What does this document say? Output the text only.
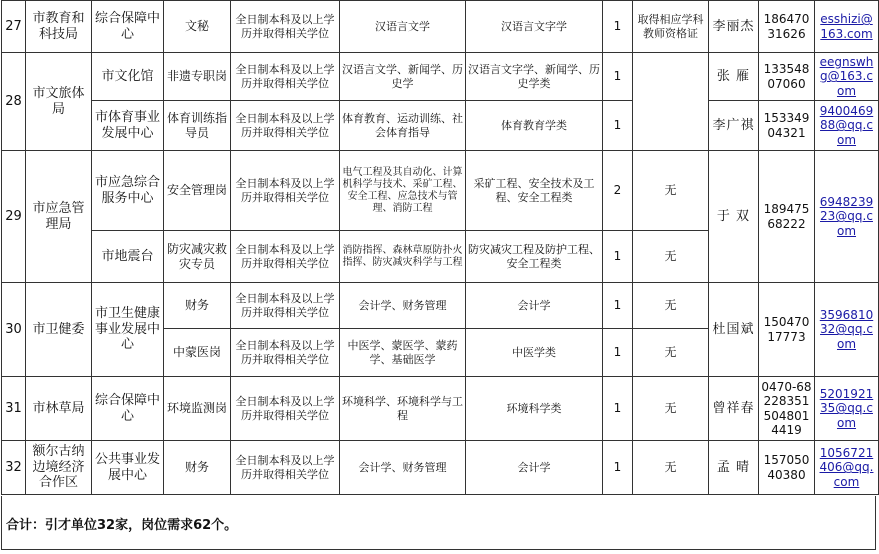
27	市教育和科技局	综合保障中心	文秘	全日制本科及以上学历并取得相关学位	汉语言文学	汉语言文字学	1	取得相应学科教师资格证	李丽杰	18647031626	esshizi@163.com
28	市文旅体局	市文化馆	非遗专职岗	全日制本科及以上学历并取得相关学位	汉语言文学、新闻学、历史学	汉语言文字学、新闻学、历史学类	1		张 雁	13354807060	eegnswhg@163.com
		市体育事业发展中心	体育训练指导员	全日制本科及以上学历并取得相关学位	体育教育、运动训练、社会体育指导	体育教育学类	1		李广祺	15334904321	940046988@qq.com
29	市应急管理局	市应急综合服务中心	安全管理岗	全日制本科及以上学历并取得相关学位	电气工程及其自动化、计算机科学与技术、采矿工程、安全工程、应急技术与管理、消防工程	采矿工程、安全技术及工程、安全工程类	2	无	于 双	18947568222	694823923@qq.com
		市地震台	防灾减灾救灾专员	全日制本科及以上学历并取得相关学位	消防指挥、森林草原防扑火指挥、防灾减灾科学与工程	防灾减灾工程及防护工程、安全工程类	1	无			
30	市卫健委	市卫生健康事业发展中心	财务	全日制本科及以上学历并取得相关学位	会计学、财务管理	会计学	1	无	杜国斌	15047017773	359681032@qq.com
			中蒙医岗	全日制本科及以上学历并取得相关学位	中医学、蒙医学、蒙药学、基础医学	中医学类	1	无			
31	市林草局	综合保障中心	环境监测岗	全日制本科及以上学历并取得相关学位	环境科学、环境科学与工程	环境科学类	1	无	曾祥春	0470-682283515048014419	520192135@qq.com
32	额尔古纳边境经济合作区	公共事业发展中心	财务	全日制本科及以上学历并取得相关学位	会计学、财务管理	会计学	1	无	孟 晴	15705040380	1056721406@qq.com
合计：引才单位32家，岗位需求62个。
